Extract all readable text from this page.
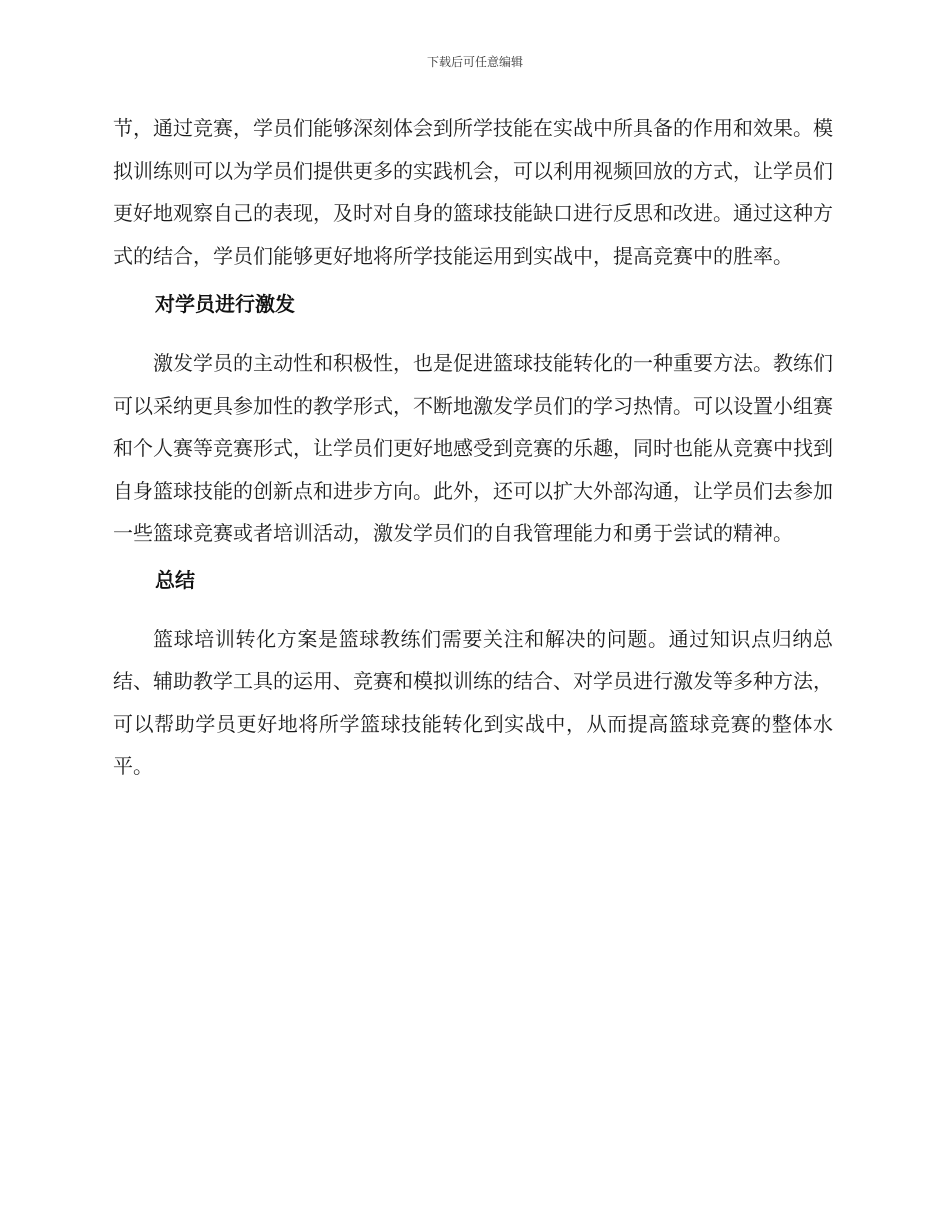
下载后可任意编辑

节，通过竞赛，学员们能够深刻体会到所学技能在实战中所具备的作用和效果。模拟训练则可以为学员们提供更多的实践机会，可以利用视频回放的方式，让学员们更好地观察自己的表现，及时对自身的篮球技能缺口进行反思和改进。通过这种方式的结合，学员们能够更好地将所学技能运用到实战中，提高竞赛中的胜率。

对学员进行激发

激发学员的主动性和积极性，也是促进篮球技能转化的一种重要方法。教练们可以采纳更具参加性的教学形式，不断地激发学员们的学习热情。可以设置小组赛和个人赛等竞赛形式，让学员们更好地感受到竞赛的乐趣，同时也能从竞赛中找到自身篮球技能的创新点和进步方向。此外，还可以扩大外部沟通，让学员们去参加一些篮球竞赛或者培训活动，激发学员们的自我管理能力和勇于尝试的精神。

总结

篮球培训转化方案是篮球教练们需要关注和解决的问题。通过知识点归纳总结、辅助教学工具的运用、竞赛和模拟训练的结合、对学员进行激发等多种方法，可以帮助学员更好地将所学篮球技能转化到实战中，从而提高篮球竞赛的整体水平。
